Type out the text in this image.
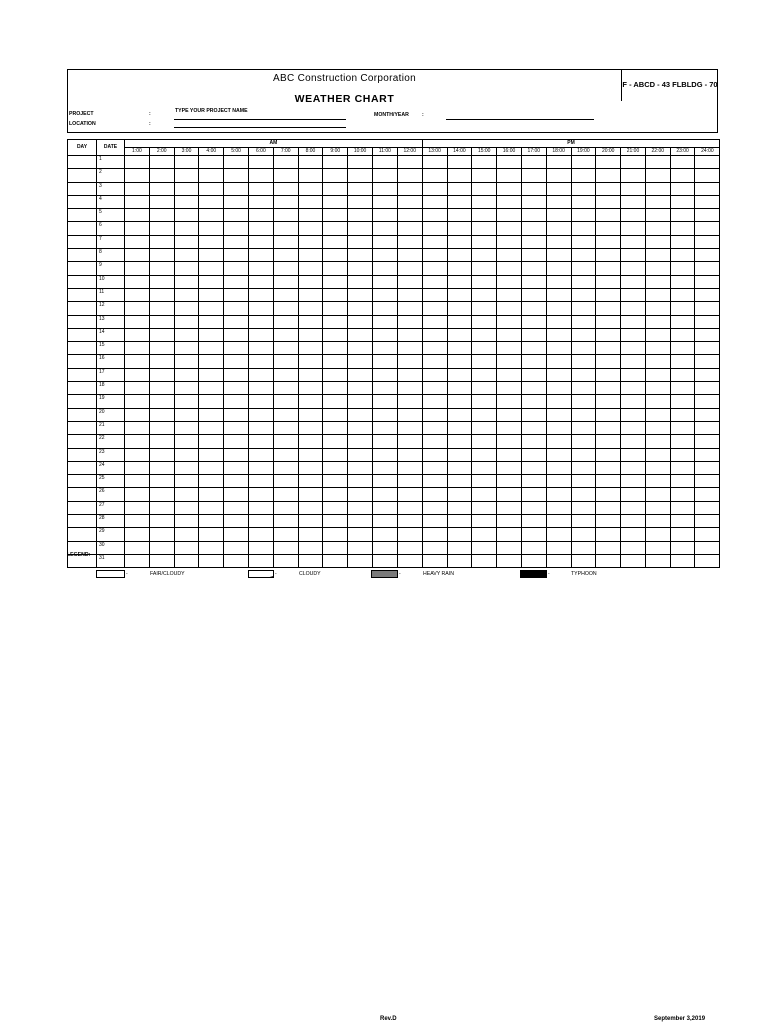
ABC Construction Corporation
WEATHER CHART
F - ABCD - 43 FLBLDG - 70
PROJECT	:	TYPE YOUR PROJECT NAME
LOCATION	:
MONTH/YEAR	:
DAY	DATE	AM												PM											
		1:00	2:00	3:00	4:00	5:00	6:00	7:00	8:00	9:00	10:00	11:00	12:00	13:00	14:00	15:00	16:00	17:00	18:00	19:00	20:00	21:00	22:00	23:00	24:00
	1																								
	2																								
	3																								
	4																								
	5																								
	6																								
	7																								
	8																								
	9																								
	10																								
	11																								
	12																								
	13																								
	14																								
	15																								
	16																								
	17																								
	18																								
	19																								
	20																								
	21																								
	22																								
	23																								
	24																								
	25																								
	26																								
	27																								
	28																								
	29																								
	30																								
	31																								
LEGEND:
-	FAIR/CLOUDY	-	CLOUDY	-	HEAVY RAIN	-	TYPHOON
Rev.D	September 3,2019
